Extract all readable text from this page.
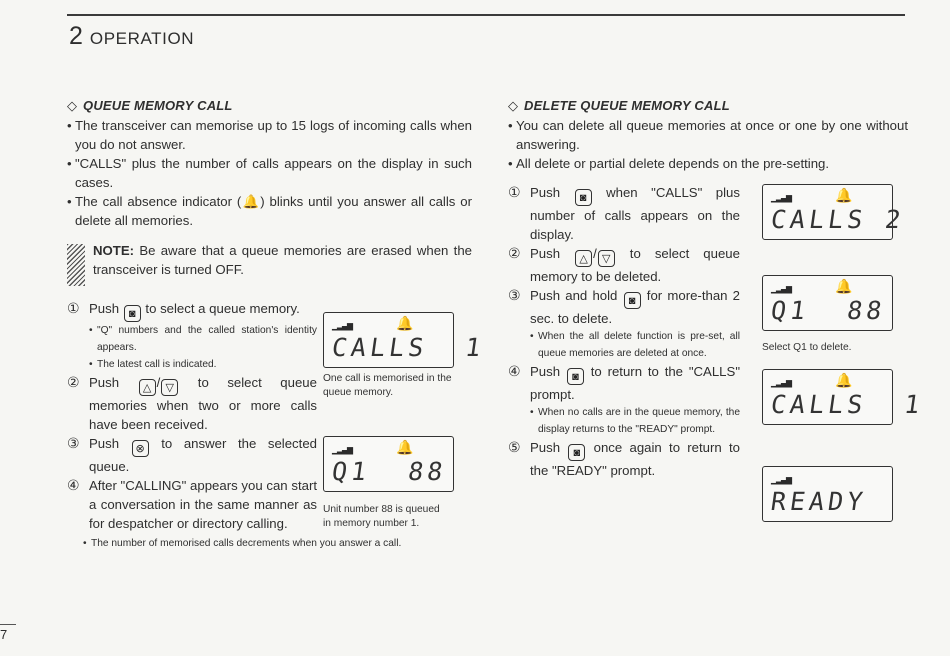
2 OPERATION
◇ QUEUE MEMORY CALL
• The transceiver can memorise up to 15 logs of incoming calls when you do not answer.
• "CALLS" plus the number of calls appears on the display in such cases.
• The call absence indicator (🔔) blinks until you answer all calls or delete all memories.
NOTE: Be aware that a queue memories are erased when the transceiver is turned OFF.
① Push ◙ to select a queue memory.
• "Q" numbers and the called station's identity appears.
• The latest call is indicated.
② Push △ / ▽ to select queue memories when two or more calls have been received.
③ Push ⊗ to answer the selected queue.
④ After "CALLING" appears you can start a conversation in the same manner as for despatcher or directory calling.
• The number of memorised calls decrements when you answer a call.
▁▂▃▅	🔔
CALLS  1
One call is memorised in the queue memory.
▁▂▃▅	🔔
Q1  88
Unit number 88 is queued in memory number 1.
◇ DELETE QUEUE MEMORY CALL
• You can delete all queue memories at once or one by one without answering.
• All delete or partial delete depends on the pre-setting.
① Push ◙ when "CALLS" plus number of calls appears on the display.
② Push △ / ▽ to select queue memory to be deleted.
③ Push and hold ◙ for more-than 2 sec. to delete.
• When the all delete function is pre-set, all queue memories are deleted at once.
④ Push ◙ to return to the "CALLS" prompt.
• When no calls are in the queue memory, the display returns to the "READY" prompt.
⑤ Push ◙ once again to return to the "READY" prompt.
▁▂▃▅	🔔
CALLS 2
▁▂▃▅	🔔
Q1  88
Select Q1 to delete.
▁▂▃▅	🔔
CALLS  1
▁▂▃▅
READY
7
